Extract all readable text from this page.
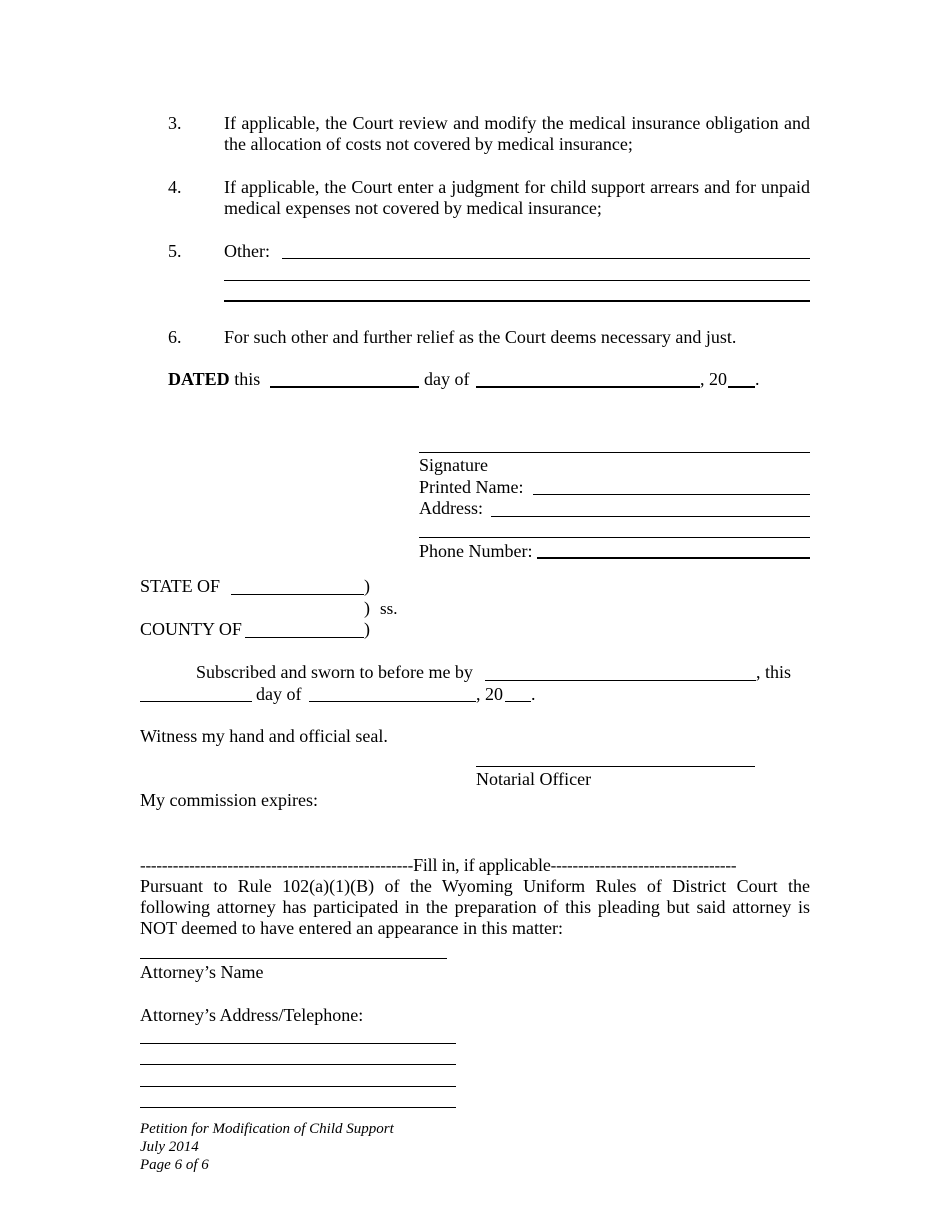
3. If applicable, the Court review and modify the medical insurance obligation and the allocation of costs not covered by medical insurance;
4. If applicable, the Court enter a judgment for child support arrears and for unpaid medical expenses not covered by medical insurance;
5. Other:
6. For such other and further relief as the Court deems necessary and just.
DATED this	day of	, 20 .
Signature
Printed Name:
Address:
Phone Number:
STATE OF	)
) ss.
COUNTY OF	)
Subscribed and sworn to before me by	, this
day of	, 20 .
Witness my hand and official seal.
Notarial Officer
My commission expires:
--------------------------------------------------Fill in, if applicable----------------------------------
Pursuant to Rule 102(a)(1)(B) of the Wyoming Uniform Rules of District Court the following attorney has participated in the preparation of this pleading but said attorney is NOT deemed to have entered an appearance in this matter:
Attorney’s Name
Attorney’s Address/Telephone:
Petition for Modification of Child Support
July 2014
Page 6 of 6
